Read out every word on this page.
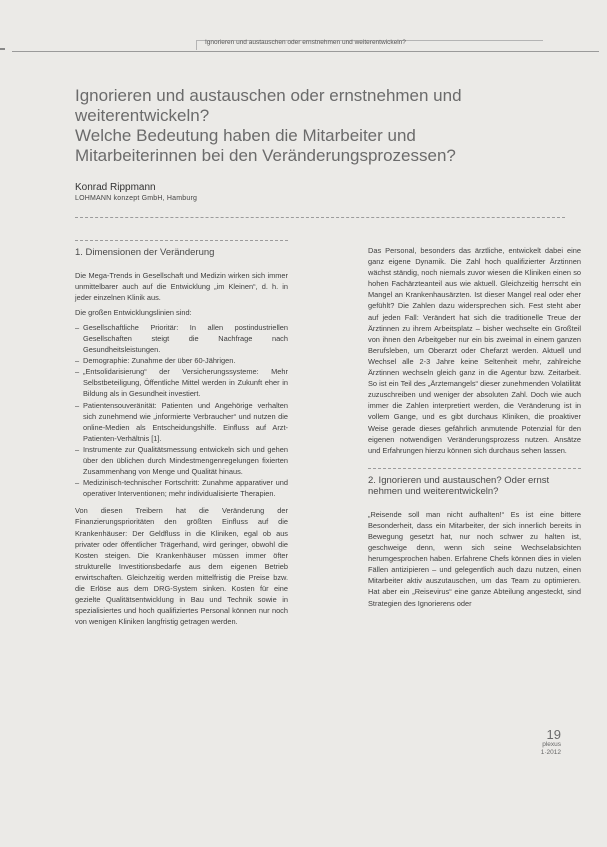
Ignorieren und austauschen oder ernstnehmen und weiterentwickeln?
Ignorieren und austauschen oder ernstnehmen und
weiterentwickeln?
Welche Bedeutung haben die Mitarbeiter und
Mitarbeiterinnen bei den Veränderungsprozessen?
Konrad Rippmann
LOHMANN konzept GmbH, Hamburg
1. Dimensionen der Veränderung

Die Mega-Trends in Gesellschaft und Medizin wirken sich immer unmittelbarer auch auf die Entwicklung „im Kleinen“, d. h. in jeder einzelnen Klinik aus.

Die großen Entwicklungslinien sind:

– Gesellschaftliche Prioritär: In allen postindustriellen Gesellschaften steigt die Nachfrage nach Gesundheitsleistungen.
– Demographie: Zunahme der über 60-Jährigen.
– „Entsolidarisierung“ der Versicherungssysteme: Mehr Selbstbeteiligung, Öffentliche Mittel werden in Zukunft eher in Bildung als in Gesundheit investiert.
– Patientensouveränität: Patienten und Angehörige verhalten sich zunehmend wie „informierte Verbraucher“ und nutzen die online-Medien als Entscheidungshilfe. Einfluss auf Arzt-Patienten-Verhältnis [1].
– Instrumente zur Qualitätsmessung entwickeln sich und gehen über den üblichen durch Mindestmengenregelungen fixierten Zusammenhang von Menge und Qualität hinaus.
– Medizinisch-technischer Fortschritt: Zunahme apparativer und operativer Interventionen; mehr individualisierte Therapien.

Von diesen Treibern hat die Veränderung der Finanzierungsprioritäten den größten Einfluss auf die Krankenhäuser: Der Geldfluss in die Kliniken, egal ob aus privater oder öffentlicher Trägerhand, wird geringer, obwohl die Kosten steigen. Die Krankenhäuser müssen immer öfter strukturelle Investitionsbedarfe aus dem eigenen Betrieb erwirtschaften. Gleichzeitig werden mittelfristig die Preise bzw. die Erlöse aus dem DRG-System sinken. Kosten für eine gezielte Qualitätsentwicklung in Bau und Technik sowie in spezialisiertes und hoch qualifiziertes Personal können nur noch von wenigen Kliniken langfristig getragen werden.

Das Personal, besonders das ärztliche, entwickelt dabei eine ganz eigene Dynamik. Die Zahl hoch qualifizierter Ärztinnen wächst ständig, noch niemals zuvor wiesen die Kliniken einen so hohen Fachärzteanteil aus wie aktuell. Gleichzeitig herrscht ein Mangel an Krankenhausärzten. Ist dieser Mangel real oder eher gefühlt? Die Zahlen dazu widersprechen sich. Fest steht aber auf jeden Fall: Verändert hat sich die traditionelle Treue der Ärztinnen zu ihrem Arbeitsplatz – bisher wechselte ein Großteil von ihnen den Arbeitgeber nur ein bis zweimal in einem ganzen Berufsleben, um Oberarzt oder Chefarzt werden. Aktuell und Wechsel alle 2-3 Jahre keine Seltenheit mehr, zahlreiche Ärztinnen wechseln gleich ganz in die Agentur bzw. Zeitarbeit. So ist ein Teil des „Ärztemangels“ dieser zunehmenden Volatilität zuzuschreiben und weniger der absoluten Zahl. Doch wie auch immer die Zahlen interpretiert werden, die Veränderung ist in vollem Gange, und es gibt durchaus Kliniken, die proaktiver Weise gerade dieses gefährlich anmutende Potenzial für den eigenen notwendigen Veränderungsprozess nutzen. Ansätze und Erfahrungen hierzu können sich durchaus sehen lassen.

2. Ignorieren und austauschen? Oder ernst nehmen und weiterentwickeln?

„Reisende soll man nicht aufhalten!“ Es ist eine bittere Besonderheit, dass ein Mitarbeiter, der sich innerlich bereits in Bewegung gesetzt hat, nur noch schwer zu halten ist, geschweige denn, wenn sich seine Wechselabsichten herumgesprochen haben. Erfahrene Chefs können dies in vielen Fällen antizipieren – und gelegentlich auch dazu nutzen, einen Mitarbeiter aktiv auszutauschen, um das Team zu optimieren. Hat aber ein „Reisevirus“ eine ganze Abteilung angesteckt, sind Strategien des Ignorierens oder

19
plexus
1·2012
